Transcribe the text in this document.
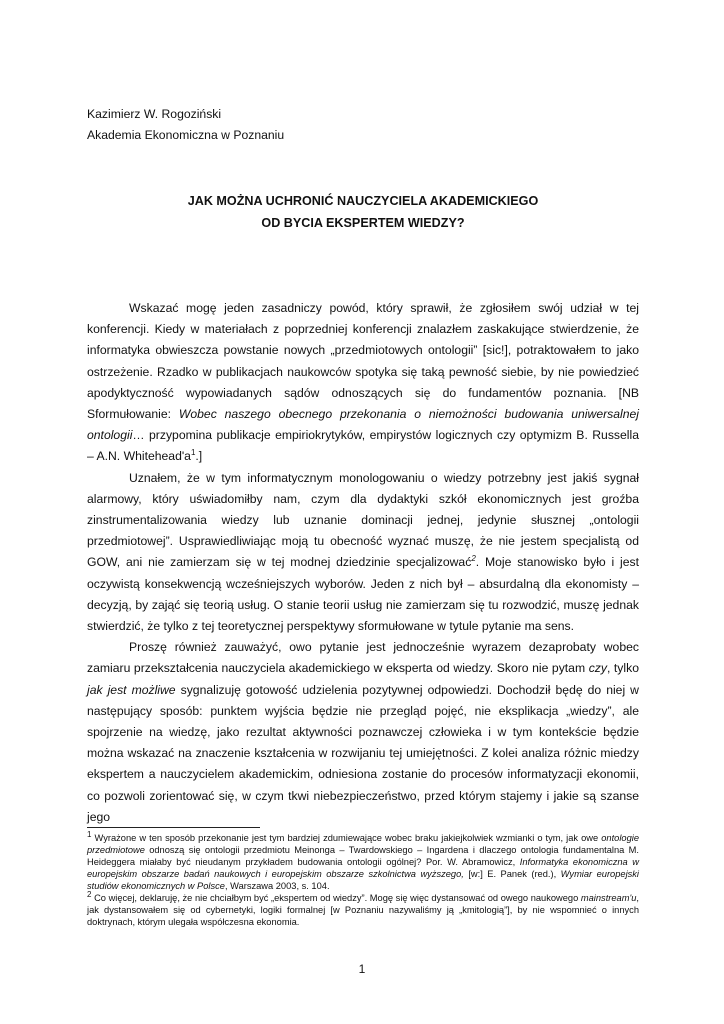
Kazimierz W. Rogoziński
Akademia Ekonomiczna w Poznaniu
JAK MOŻNA UCHRONIĆ NAUCZYCIELA AKADEMICKIEGO
OD BYCIA EKSPERTEM WIEDZY?

Wskazać mogę jeden zasadniczy powód, który sprawił, że zgłosiłem swój udział w tej konferencji. Kiedy w materiałach z poprzedniej konferencji znalazłem zaskakujące stwierdzenie, że informatyka obwieszcza powstanie nowych „przedmiotowych ontologii” [sic!], potraktowałem to jako ostrzeżenie. Rzadko w publikacjach naukowców spotyka się taką pewność siebie, by nie powiedzieć apodyktyczność wypowiadanych sądów odnoszących się do fundamentów poznania. [NB Sformułowanie: Wobec naszego obecnego przekonania o niemożności budowania uniwersalnej ontologii… przypomina publikacje empiriokrytyków, empirystów logicznych czy optymizm B. Russella – A.N. $Whitehead'a^1$.]

Uznałem, że w tym informatycznym monologowaniu o wiedzy potrzebny jest jakiś sygnał alarmowy, który uświadomiłby nam, czym dla dydaktyki szkół ekonomicznych jest groźba zinstrumentalizowania wiedzy lub uznanie dominacji jednej, jedynie słusznej „ontologii przedmiotowej”. Usprawiedliwiając moją tu obecność wyznać muszę, że nie jestem specjalistą od GOW, ani nie zamierzam się w tej modnej dziedzinie specjalizować$^2$. Moje stanowisko było i jest oczywistą konsekwencją wcześniejszych wyborów. Jeden z nich był – absurdalną dla ekonomisty – decyzją, by zająć się teorią usług. O stanie teorii usług nie zamierzam się tu rozwodzić, muszę jednak stwierdzić, że tylko z tej teoretycznej perspektywy sformułowane w tytule pytanie ma sens.

Proszę również zauważyć, owo pytanie jest jednocześnie wyrazem dezaprobaty wobec zamiaru przekształcenia nauczyciela akademickiego w eksperta od wiedzy. Skoro nie pytam czy, tylko jak jest możliwe sygnalizuję gotowość udzielenia pozytywnej odpowiedzi. Dochodził będę do niej w następujący sposób: punktem wyjścia będzie nie przegląd pojęć, nie eksplikacja „wiedzy”, ale spojrzenie na wiedzę, jako rezultat aktywności poznawczej człowieka i w tym kontekście będzie można wskazać na znaczenie kształcenia w rozwijaniu tej umiejętności. Z kolei analiza różnic miedzy ekspertem a nauczycielem akademickim, odniesiona zostanie do procesów informatyzacji ekonomii, co pozwoli zorientować się, w czym tkwi niebezpieczeństwo, przed którym stajemy i jakie są szanse jego

$^1$ Wyrażone w ten sposób przekonanie jest tym bardziej zdumiewające wobec braku jakiejkolwiek wzmianki o tym, jak owe ontologie przedmiotowe odnoszą się ontologii przedmiotu Meinonga – Twardowskiego – Ingardena i dlaczego ontologia fundamentalna M. Heideggera miałaby być nieudanym przykładem budowania ontologii ogólnej? Por. W. Abramowicz, Informatyka ekonomiczna w europejskim obszarze badań naukowych i europejskim obszarze szkolnictwa wyższego, [w:] E. Panek (red.), Wymiar europejski studiów ekonomicznych w Polsce, Warszawa 2003, s. 104.

$^2$ Co więcej, deklaruję, że nie chciałbym być „ekspertem od wiedzy”. Mogę się więc dystansować od owego naukowego mainstream'u, jak dystansowałem się od cybernetyki, logiki formalnej [w Poznaniu nazywaliśmy ją „kmitologią”], by nie wspomnieć o innych doktrynach, którym ulegała współczesna ekonomia.

1
